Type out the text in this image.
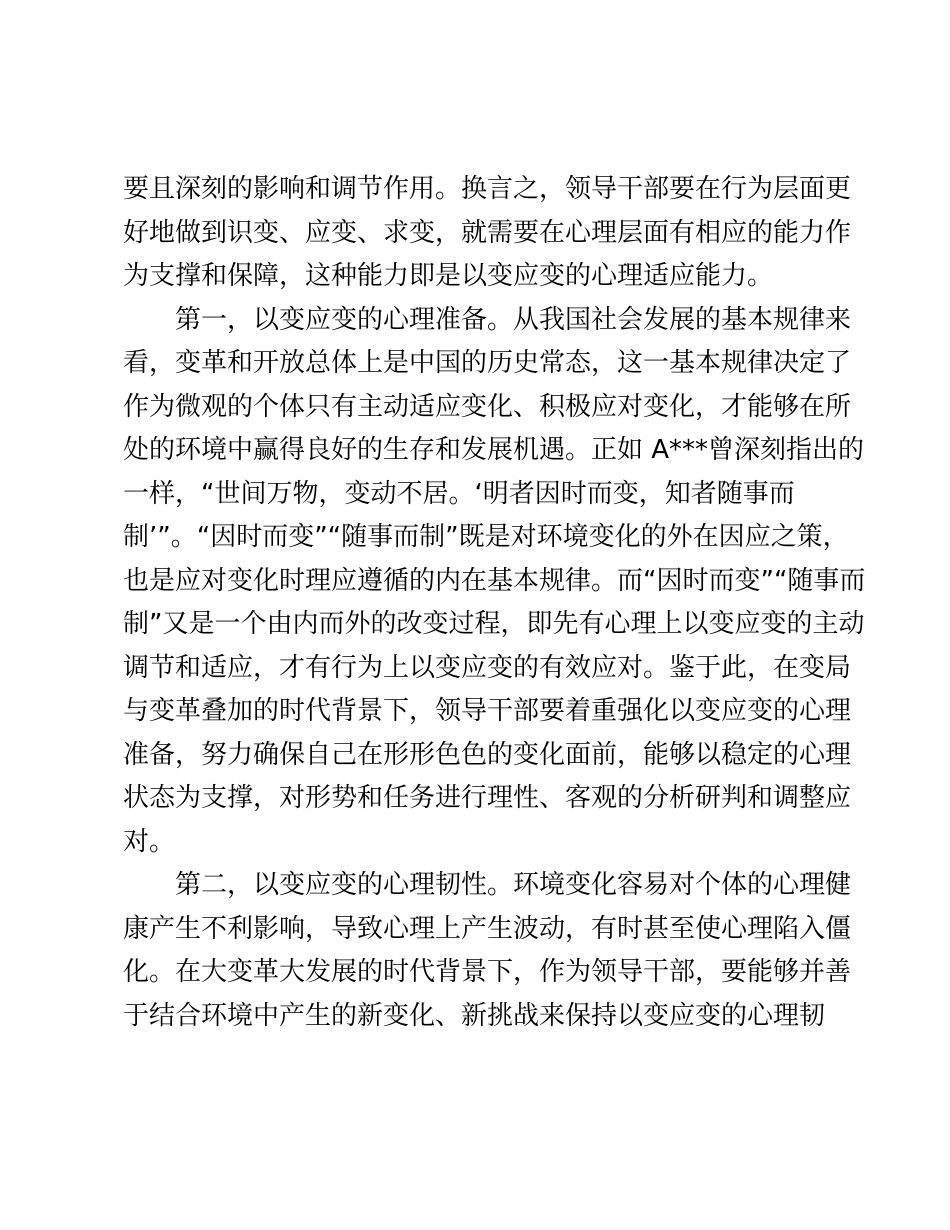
要且深刻的影响和调节作用。换言之，领导干部要在行为层面更
好地做到识变、应变、求变，就需要在心理层面有相应的能力作
为支撑和保障，这种能力即是以变应变的心理适应能力。
第一，以变应变的心理准备。从我国社会发展的基本规律来
看，变革和开放总体上是中国的历史常态，这一基本规律决定了
作为微观的个体只有主动适应变化、积极应对变化，才能够在所
处的环境中赢得良好的生存和发展机遇。正如 A***曾深刻指出的
一样，“世间万物，变动不居。‘明者因时而变，知者随事而
制’”。“因时而变”“随事而制”既是对环境变化的外在因应之策，
也是应对变化时理应遵循的内在基本规律。而“因时而变”“随事而
制”又是一个由内而外的改变过程，即先有心理上以变应变的主动
调节和适应，才有行为上以变应变的有效应对。鉴于此，在变局
与变革叠加的时代背景下，领导干部要着重强化以变应变的心理
准备，努力确保自己在形形色色的变化面前，能够以稳定的心理
状态为支撑，对形势和任务进行理性、客观的分析研判和调整应
对。
第二，以变应变的心理韧性。环境变化容易对个体的心理健
康产生不利影响，导致心理上产生波动，有时甚至使心理陷入僵
化。在大变革大发展的时代背景下，作为领导干部，要能够并善
于结合环境中产生的新变化、新挑战来保持以变应变的心理韧
